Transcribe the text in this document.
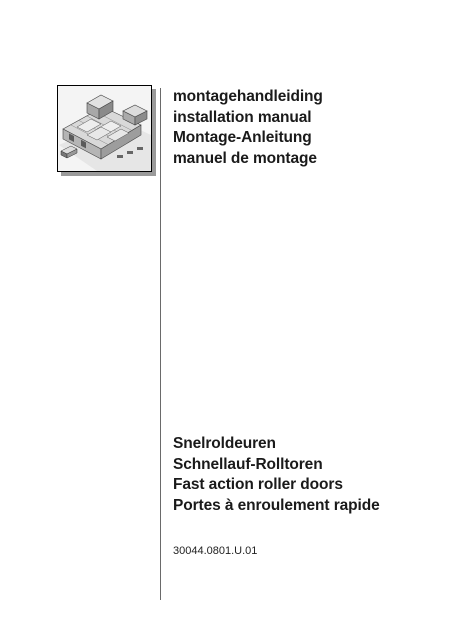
montagehandleiding
installation manual
Montage-Anleitung
manuel de montage
Snelroldeuren
Schnellauf-Rolltoren
Fast action roller doors
Portes à enroulement rapide
30044.0801.U.01
